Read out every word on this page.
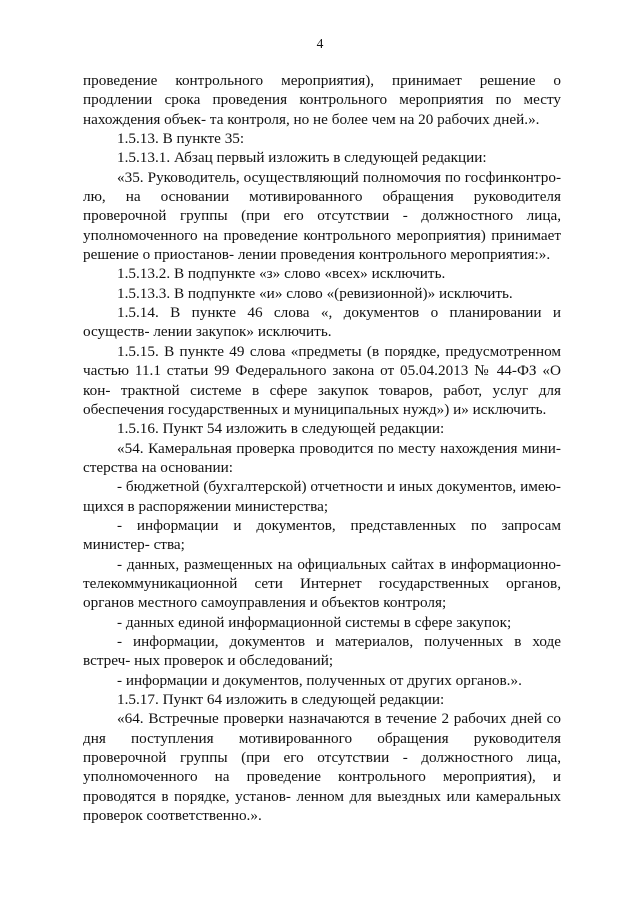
4

проведение контрольного мероприятия), принимает решение о продлении срока проведения контрольного мероприятия по месту нахождения объек- та контроля, но не более чем на 20 рабочих дней.».

1.5.13. В пункте 35:

1.5.13.1. Абзац первый изложить в следующей редакции:

«35. Руководитель, осуществляющий полномочия по госфинконтро- лю, на основании мотивированного обращения руководителя проверочной группы (при его отсутствии - должностного лица, уполномоченного на проведение контрольного мероприятия) принимает решение о приостанов- лении проведения контрольного мероприятия:».

1.5.13.2. В подпункте «з» слово «всех» исключить.

1.5.13.3. В подпункте «и» слово «(ревизионной)» исключить.

1.5.14. В пункте 46 слова «, документов о планировании и осуществ- лении закупок» исключить.

1.5.15. В пункте 49 слова «предметы (в порядке, предусмотренном частью 11.1 статьи 99 Федерального закона от 05.04.2013 № 44-ФЗ «О кон- трактной системе в сфере закупок товаров, работ, услуг для обеспечения государственных и муниципальных нужд») и» исключить.

1.5.16. Пункт 54 изложить в следующей редакции:

«54. Камеральная проверка проводится по месту нахождения мини- стерства на основании:

- бюджетной (бухгалтерской) отчетности и иных документов, имею- щихся в распоряжении министерства;

- информации и документов, представленных по запросам министер- ства;

- данных, размещенных на официальных сайтах в информационно- телекоммуникационной сети Интернет государственных органов, органов местного самоуправления и объектов контроля;

- данных единой информационной системы в сфере закупок;

- информации, документов и материалов, полученных в ходе встреч- ных проверок и обследований;

- информации и документов, полученных от других органов.».

1.5.17. Пункт 64 изложить в следующей редакции:

«64. Встречные проверки назначаются в течение 2 рабочих дней со дня поступления мотивированного обращения руководителя проверочной группы (при его отсутствии - должностного лица, уполномоченного на проведение контрольного мероприятия), и проводятся в порядке, установ- ленном для выездных или камеральных проверок соответственно.».
